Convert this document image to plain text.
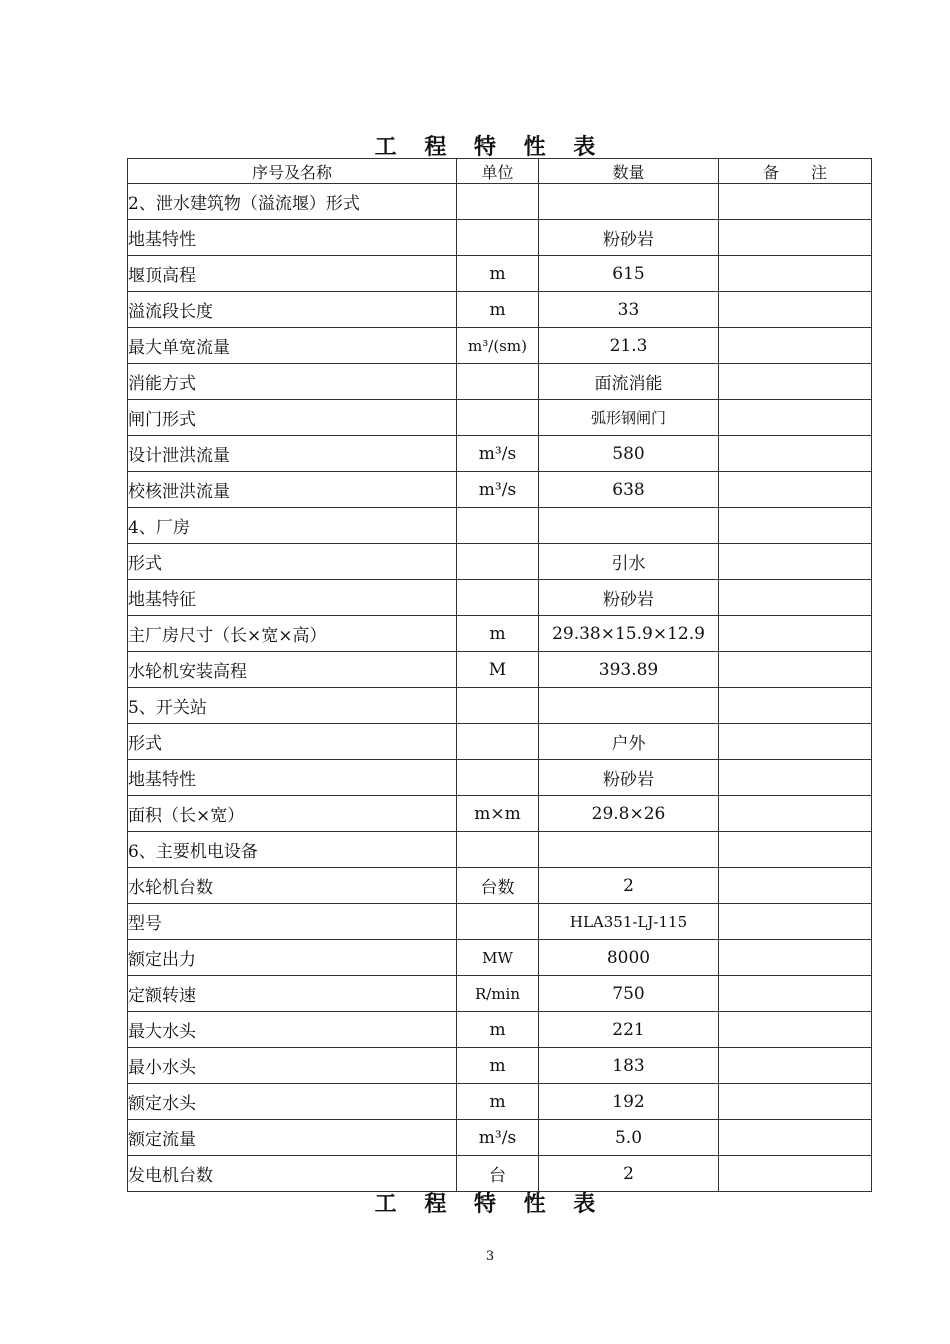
工 程 特 性 表
序号及名称	单位	数量	备　　注
2、泄水建筑物（溢流堰）形式			
地基特性		粉砂岩	
堰顶高程	m	615	
溢流段长度	m	33	
最大单宽流量	m³/(sm)	21.3	
消能方式		面流消能	
闸门形式		弧形钢闸门	
设计泄洪流量	m³/s	580	
校核泄洪流量	m³/s	638	
4、厂房			
形式		引水	
地基特征		粉砂岩	
主厂房尺寸（长×宽×高）	m	29.38×15.9×12.9	
水轮机安装高程	M	393.89	
5、开关站			
形式		户外	
地基特性		粉砂岩	
面积（长×宽）	m×m	29.8×26	
6、主要机电设备			
水轮机台数	台数	2	
型号		HLA351-LJ-115	
额定出力	MW	8000	
定额转速	R/min	750	
最大水头	m	221	
最小水头	m	183	
额定水头	m	192	
额定流量	m³/s	5.0	
发电机台数	台	2	
工 程 特 性 表
3
